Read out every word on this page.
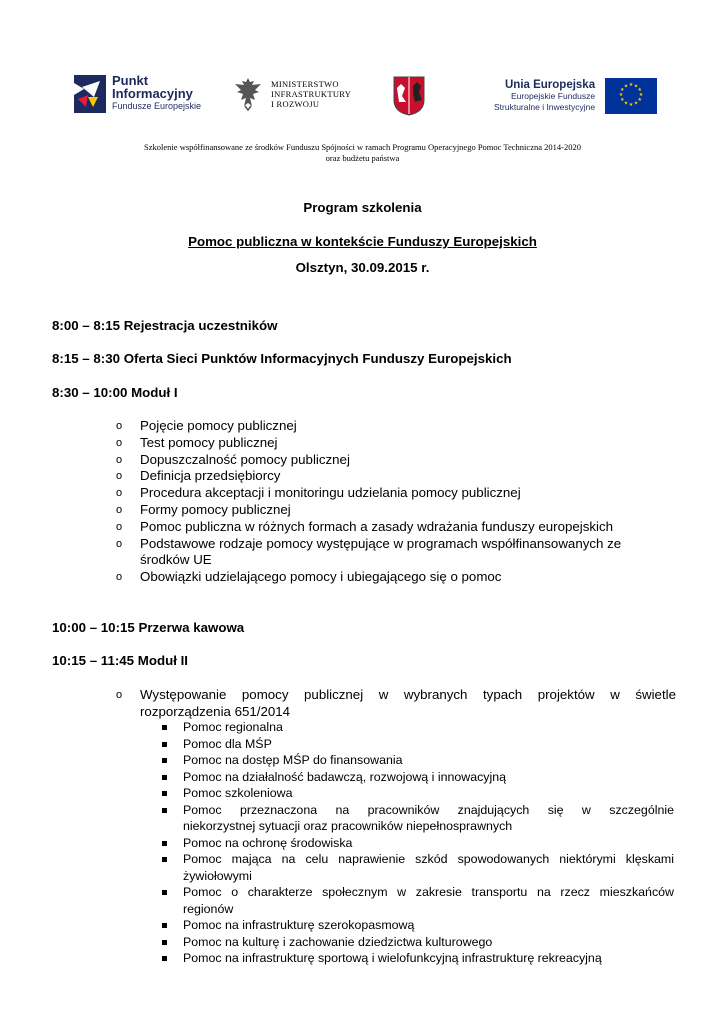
Punkt
Informacyjny
Fundusze Europejskie
MINISTERSTWO
INFRASTRUKTURY
I ROZWOJU
Unia Europejska
Europejskie Fundusze
Strukturalne i Inwestycyjne
★ ★
★
★
★
★
★
★
★
★
★
★
Szkolenie współfinansowane ze środków Funduszu Spójności w ramach Programu Operacyjnego Pomoc Techniczna 2014-2020
oraz budżetu państwa
Program szkolenia
Pomoc publiczna w kontekście Funduszy Europejskich
Olsztyn, 30.09.2015 r.
8:00 – 8:15 Rejestracja uczestników
8:15 – 8:30 Oferta Sieci Punktów Informacyjnych Funduszy Europejskich
8:30 – 10:00 Moduł I
o Pojęcie pomocy publicznej
o Test pomocy publicznej
o Dopuszczalność pomocy publicznej
o Definicja przedsiębiorcy
o Procedura akceptacji i monitoringu udzielania pomocy publicznej
o Formy pomocy publicznej
o Pomoc publiczna w różnych formach a zasady wdrażania funduszy europejskich
o Podstawowe rodzaje pomocy występujące w programach współfinansowanych ze
środków UE
o Obowiązki udzielającego pomocy i ubiegającego się o pomoc
10:00 – 10:15 Przerwa kawowa
10:15 – 11:45 Moduł II
o Występowanie pomocy publicznej w wybranych typach projektów w świetle
rozporządzenia 651/2014
Pomoc regionalna
Pomoc dla MŚP
Pomoc na dostęp MŚP do finansowania
Pomoc na działalność badawczą, rozwojową i innowacyjną
Pomoc szkoleniowa
Pomoc przeznaczona na pracowników znajdujących się w szczególnie
niekorzystnej sytuacji oraz pracowników niepełnosprawnych
Pomoc na ochronę środowiska
Pomoc mająca na celu naprawienie szkód spowodowanych niektórymi klęskami
żywiołowymi
Pomoc o charakterze społecznym w zakresie transportu na rzecz mieszkańców
regionów
Pomoc na infrastrukturę szerokopasmową
Pomoc na kulturę i zachowanie dziedzictwa kulturowego
Pomoc na infrastrukturę sportową i wielofunkcyjną infrastrukturę rekreacyjną
